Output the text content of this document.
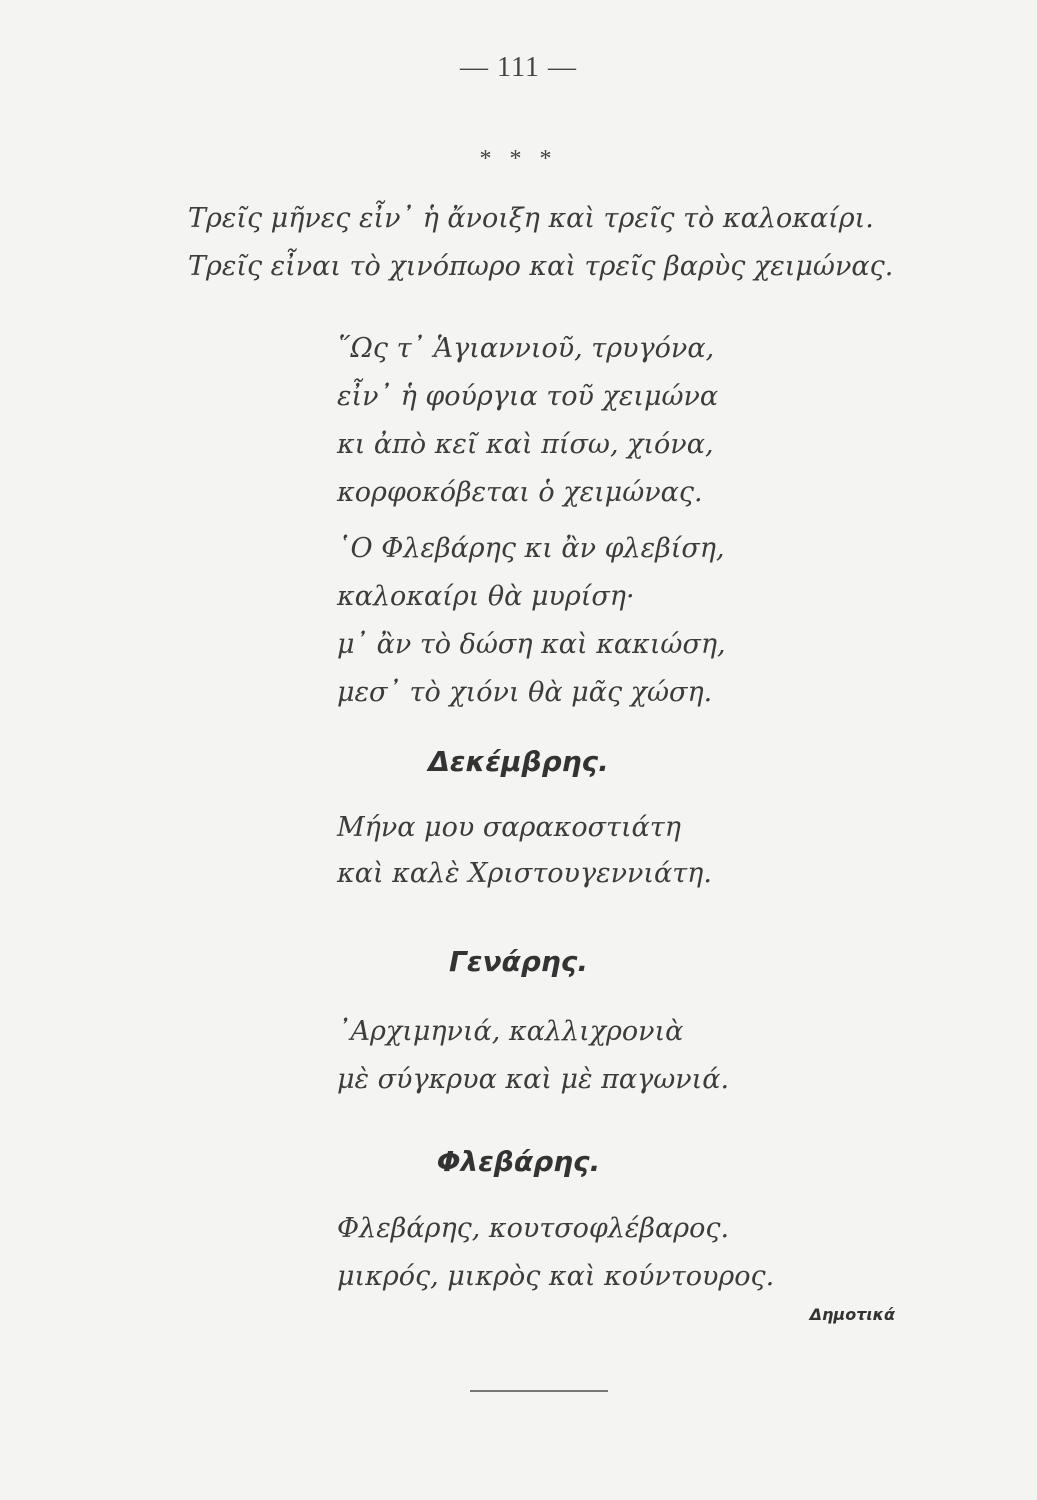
— 111 —
* * *
Τρεῖς μῆνες εἶν᾽ ἡ ἄνοιξη καὶ τρεῖς τὸ καλοκαίρι.
Τρεῖς εἶναι τὸ χινόπωρο καὶ τρεῖς βαρὺς χειμώνας.
῞Ως τ᾽ Ἁγιαννιοῦ, τρυγόνα,
εἶν᾽ ἡ φούργια τοῦ χειμώνα
κι ἀπὸ κεῖ καὶ πίσω, χιόνα,
κορφοκόβεται ὁ χειμώνας.
῾Ο Φλεβάρης κι ἂν φλεβίση,
καλοκαίρι θὰ μυρίση·
μ᾽ ἂν τὸ δώση καὶ κακιώση,
μεσ᾽ τὸ χιόνι θὰ μᾶς χώση.
Δεκέμβρης.
Μήνα μου σαρακοστιάτη
καὶ καλὲ Χριστουγεννιάτη.
Γενάρης.
᾽Αρχιμηνιά, καλλιχρονιὰ
μὲ σύγκρυα καὶ μὲ παγωνιά.
Φλεβάρης.
Φλεβάρης, κουτσοφλέβαρος.
μικρός, μικρὸς καὶ κούντουρος.
Δημοτικά
